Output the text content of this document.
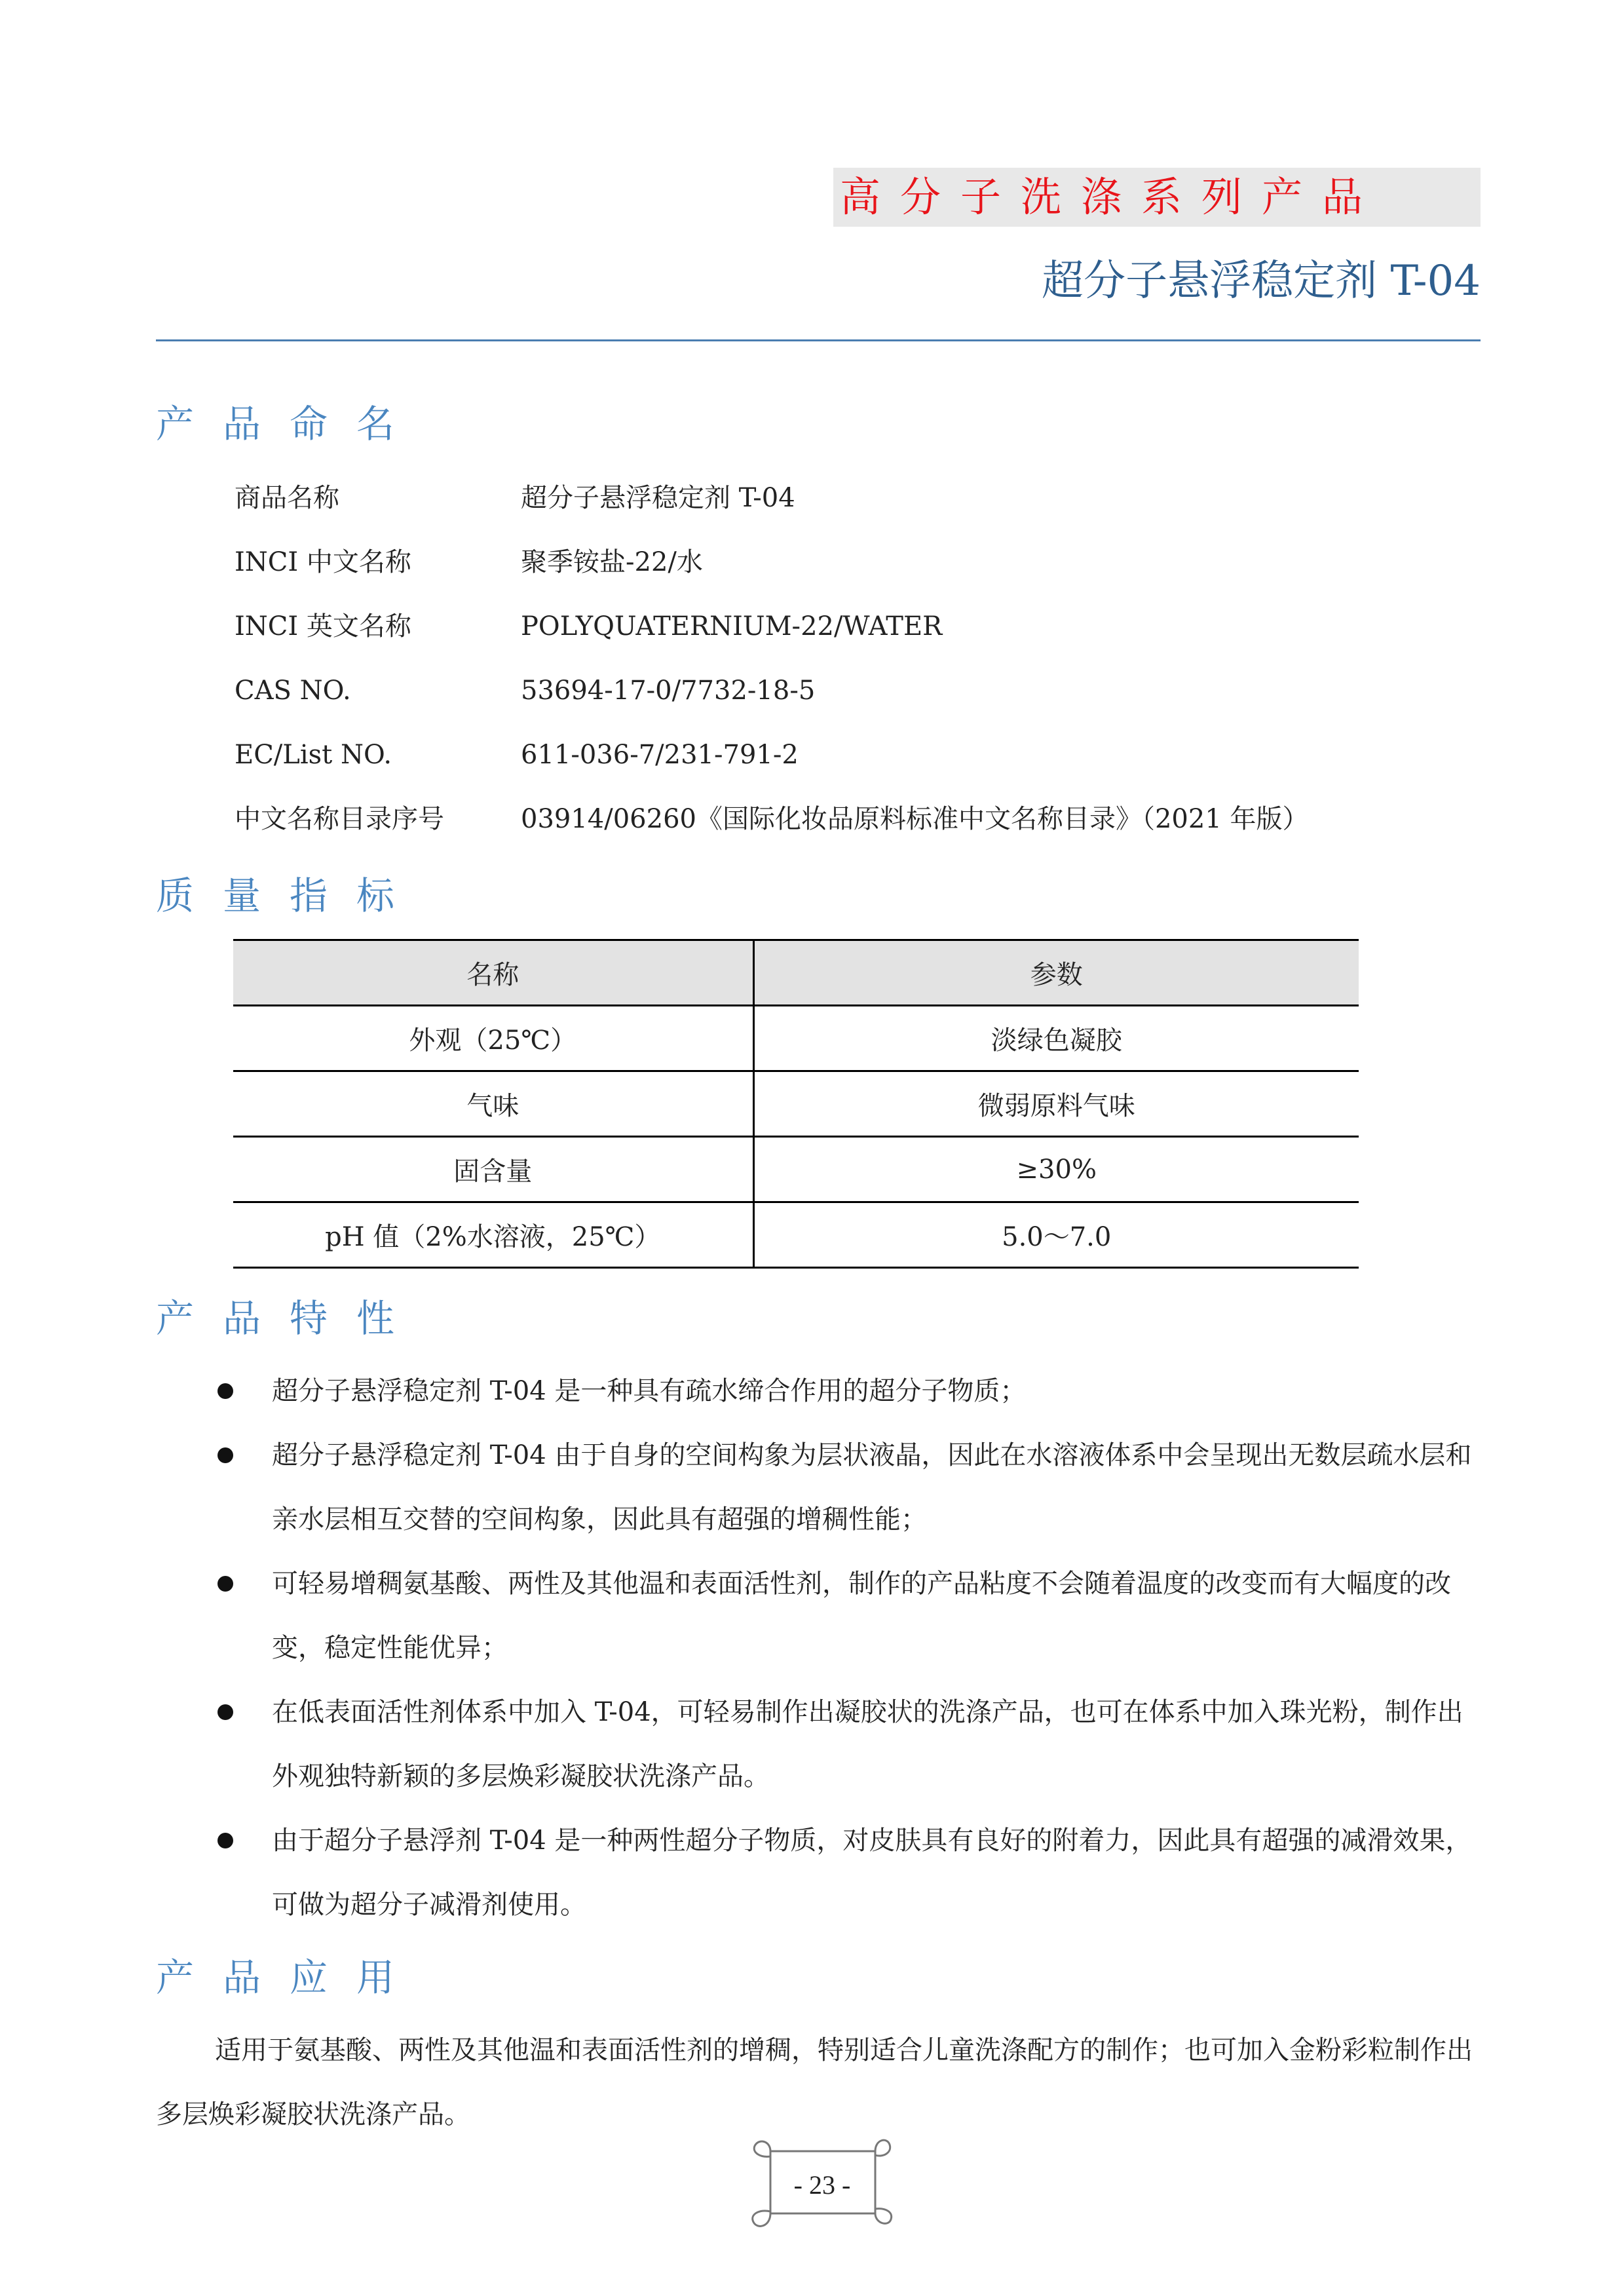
高分子洗涤系列产品
超分子悬浮稳定剂 T-04
产品命名
商品名称	超分子悬浮稳定剂 T-04
INCI 中文名称	聚季铵盐-22/水
INCI 英文名称	POLYQUATERNIUM-22/WATER
CAS NO.	53694-17-0/7732-18-5
EC/List NO.	611-036-7/231-791-2
中文名称目录序号	03914/06260《国际化妆品原料标准中文名称目录》（2021 年版）
质量指标
名称	参数
外观（25℃）	淡绿色凝胶
气味	微弱原料气味
固含量	≥30%
pH 值（2%水溶液，25℃）	5.0～7.0
产品特性
超分子悬浮稳定剂 T-04 是一种具有疏水缔合作用的超分子物质；
超分子悬浮稳定剂 T-04 由于自身的空间构象为层状液晶，因此在水溶液体系中会呈现出无数层疏水层和亲水层相互交替的空间构象，因此具有超强的增稠性能；
可轻易增稠氨基酸、两性及其他温和表面活性剂，制作的产品粘度不会随着温度的改变而有大幅度的改变，稳定性能优异；
在低表面活性剂体系中加入 T-04，可轻易制作出凝胶状的洗涤产品，也可在体系中加入珠光粉，制作出外观独特新颖的多层焕彩凝胶状洗涤产品。
由于超分子悬浮剂 T-04 是一种两性超分子物质，对皮肤具有良好的附着力，因此具有超强的减滑效果，可做为超分子减滑剂使用。
产品应用
适用于氨基酸、两性及其他温和表面活性剂的增稠，特别适合儿童洗涤配方的制作；也可加入金粉彩粒制作出多层焕彩凝胶状洗涤产品。
- 23 -
